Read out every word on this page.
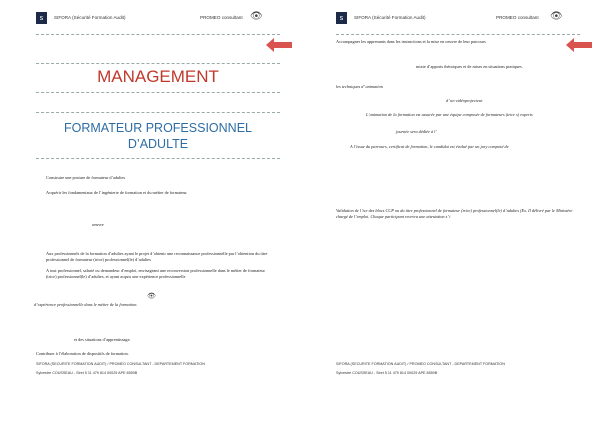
s	SIFORA (Sécurité Formation Audit)	PROMEO consultant 👁
MANAGEMENT
FORMATEUR PROFESSIONNEL
D’ADULTE
Construire une posture de formateur d’adultes
Acquérir les fondamentaux de l’ingénierie de formation et du métier de formateur.
oeuvre
Aux professionnels de la formation d’adultes ayant le projet d’obtenir une reconnaissance professionnelle par l’obtention du titre professionnel de formateur (trice) professionnel(le) d’adultes
A tout professionnel, salarié ou demandeur d’emploi, envisageant une reconversion professionnelle dans le métier de formateur (trice) professionnel(le) d’adultes, et ayant acquis une expérience professionnelle
👁
d’expérience professionnelle dans le métier de la formation.
et des situations d’apprentissage.
Contribuer à l’élaboration de dispositifs de formation.
SIFORA (SECURITE FORMATION AUDIT) / PROMEO CONSULTANT - DEPARTEMENT FORMATION
Sylvestre COUSSEAU - Siret 5 11 479 814 00029 APE 8559B
s	SIFORA (Sécurité Formation Audit)	PROMEO consultant 👁
Accompagner les apprenants dans les instructions et la mise en oeuvre de leur parcours
mixte d’apports théoriques et de mises en situations pratiques.
les techniques d’ animation
d’ un vidéoprojecteur
L’animation de la formation est assurée par une équipe composée de formateurs (trice s) experts
journée sera dédiée à l’
A l’issue du parcours, certificat de formation, le candidat est évalué par un jury composé de
Validation de l’ice des blocs CCP ou du titre professionnel de formateur (trice) professionnel(le) d’adultes (Ex. Il délivré par le Ministère chargé de l’emploi. Chaque participant recevra une attestation s’ i
SIFORA (SECURITE FORMATION AUDIT) / PROMEO CONSULTANT - DEPARTEMENT FORMATION
Sylvestre COUSSEAU - Siret 5 11 479 814 00029 APE 8559B
